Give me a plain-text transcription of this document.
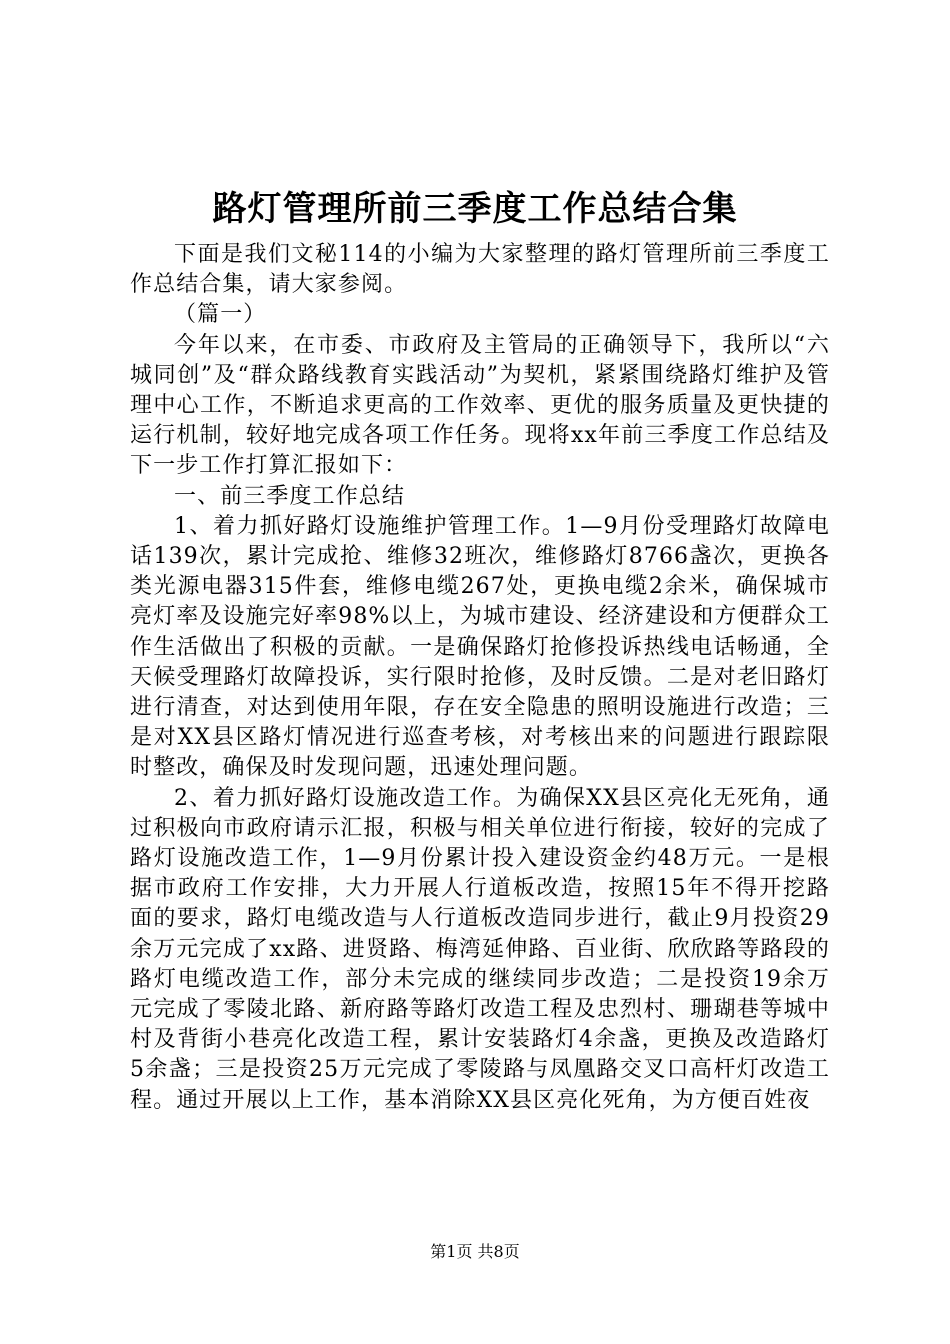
路灯管理所前三季度工作总结合集

下面是我们文秘114的小编为大家整理的路灯管理所前三季度工作总结合集，请大家参阅。

（篇一）

今年以来，在市委、市政府及主管局的正确领导下，我所以“六城同创”及“群众路线教育实践活动”为契机，紧紧围绕路灯维护及管理中心工作，不断追求更高的工作效率、更优的服务质量及更快捷的运行机制，较好地完成各项工作任务。现将xx年前三季度工作总结及下一步工作打算汇报如下：

一、前三季度工作总结

1、着力抓好路灯设施维护管理工作。1—9月份受理路灯故障电话139次，累计完成抢、维修32班次，维修路灯8766盏次，更换各类光源电器315件套，维修电缆267处，更换电缆2余米，确保城市亮灯率及设施完好率98%以上，为城市建设、经济建设和方便群众工作生活做出了积极的贡献。一是确保路灯抢修投诉热线电话畅通，全天候受理路灯故障投诉，实行限时抢修，及时反馈。二是对老旧路灯进行清查，对达到使用年限，存在安全隐患的照明设施进行改造；三是对XX县区路灯情况进行巡查考核，对考核出来的问题进行跟踪限时整改，确保及时发现问题，迅速处理问题。

2、着力抓好路灯设施改造工作。为确保XX县区亮化无死角，通过积极向市政府请示汇报，积极与相关单位进行衔接，较好的完成了路灯设施改造工作，1—9月份累计投入建设资金约48万元。一是根据市政府工作安排，大力开展人行道板改造，按照15年不得开挖路面的要求，路灯电缆改造与人行道板改造同步进行，截止9月投资29余万元完成了xx路、进贤路、梅湾延伸路、百业街、欣欣路等路段的路灯电缆改造工作，部分未完成的继续同步改造；二是投资19余万元完成了零陵北路、新府路等路灯改造工程及忠烈村、珊瑚巷等城中村及背街小巷亮化改造工程，累计安装路灯4余盏，更换及改造路灯5余盏；三是投资25万元完成了零陵路与凤凰路交叉口高杆灯改造工程。通过开展以上工作，基本消除XX县区亮化死角，为方便百姓夜

第1页 共8页
